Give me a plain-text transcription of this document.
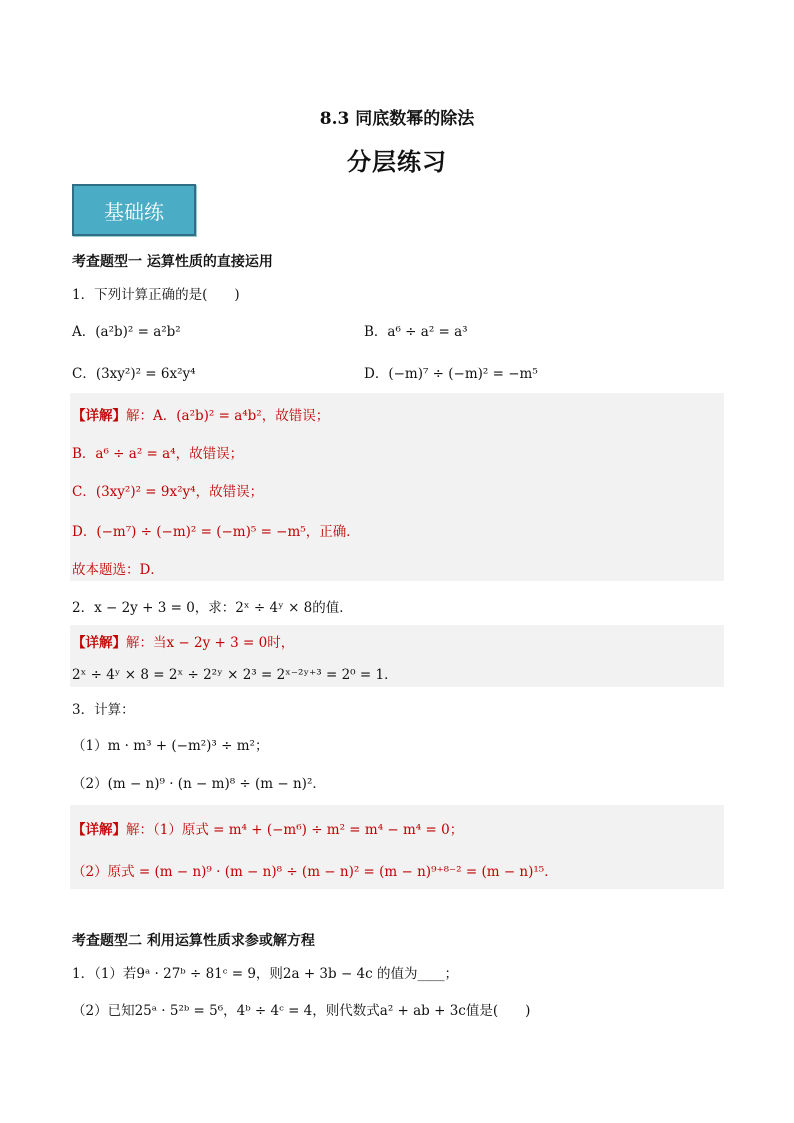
8.3 同底数幂的除法
分层练习
基础练
考查题型一 运算性质的直接运用
1．下列计算正确的是(　　)
A．(a²b)² = a²b²	B．a⁶ ÷ a² = a³
C．(3xy²)² = 6x²y⁴	D．(−m)⁷ ÷ (−m)² = −m⁵
【详解】解：A．(a²b)² = a⁴b²，故错误；
B．a⁶ ÷ a² = a⁴，故错误；
C．(3xy²)² = 9x²y⁴，故错误；
D．(−m⁷) ÷ (−m)² = (−m)⁵ = −m⁵，正确．
故本题选：D．
2．x − 2y + 3 = 0，求：2ˣ ÷ 4ʸ × 8的值．
【详解】解：当x − 2y + 3 = 0时，
2ˣ ÷ 4ʸ × 8 = 2ˣ ÷ 2²ʸ × 2³ = 2ˣ⁻²ʸ⁺³ = 2⁰ = 1．
3．计算：
（1）m · m³ + (−m²)³ ÷ m²；
（2）(m − n)⁹ · (n − m)⁸ ÷ (m − n)²．
【详解】解：（1）原式 = m⁴ + (−m⁶) ÷ m² = m⁴ − m⁴ = 0；
（2）原式 = (m − n)⁹ · (m − n)⁸ ÷ (m − n)² = (m − n)⁹⁺⁸⁻² = (m − n)¹⁵．
考查题型二 利用运算性质求参或解方程
1．（1）若9ᵃ · 27ᵇ ÷ 81ᶜ = 9，则2a + 3b − 4c 的值为____；
（2）已知25ᵃ · 5²ᵇ = 5⁶，4ᵇ ÷ 4ᶜ = 4，则代数式a² + ab + 3c值是(　　)
